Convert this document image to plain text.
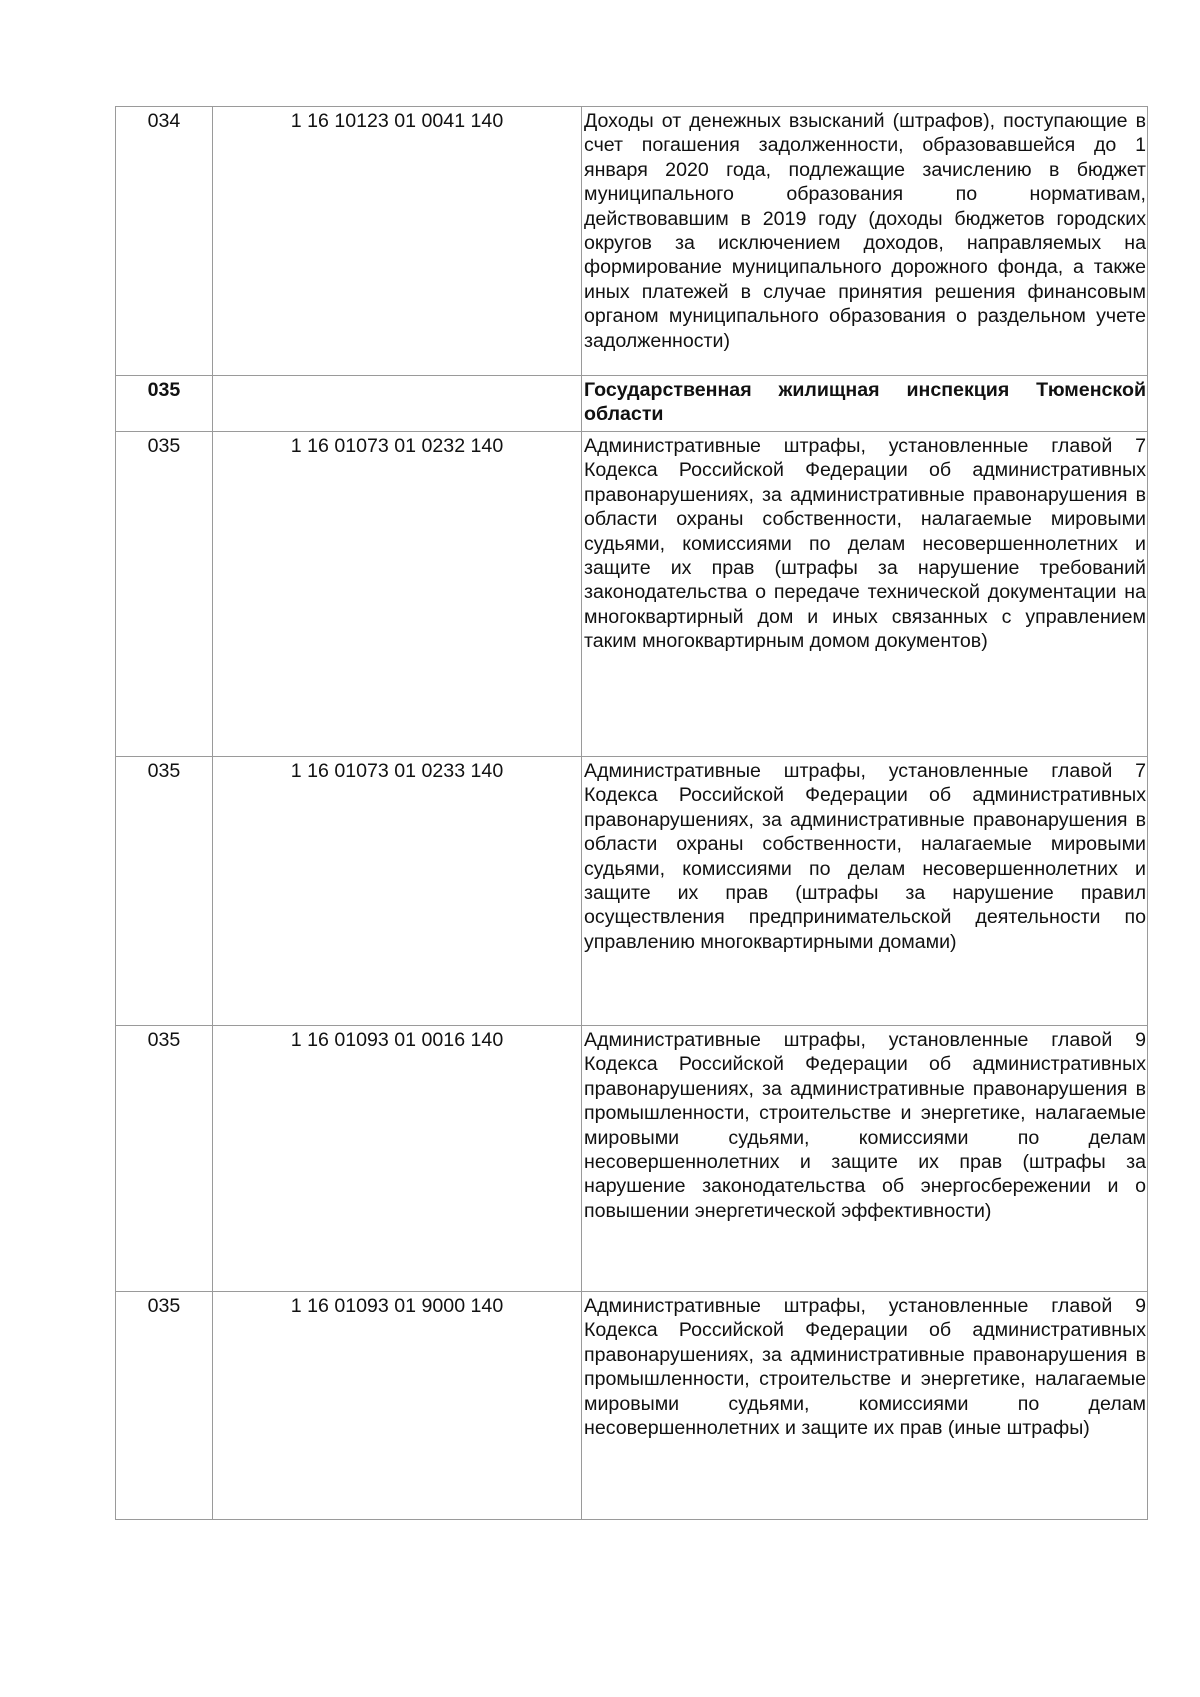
034	1 16 10123 01 0041 140	Доходы от денежных взысканий (штрафов), поступающие в счет погашения задолженности, образовавшейся до 1 января 2020 года, подлежащие зачислению в бюджет муниципального образования по нормативам, действовавшим в 2019 году (доходы бюджетов городских округов за исключением доходов, направляемых на формирование муниципального дорожного фонда, а также иных платежей в случае принятия решения финансовым органом муниципального образования о раздельном учете задолженности)

035		Государственная жилищная инспекция Тюменской области

035	1 16 01073 01 0232 140	Административные штрафы, установленные главой 7 Кодекса Российской Федерации об административных правонарушениях, за административные правонарушения в области охраны собственности, налагаемые мировыми судьями, комиссиями по делам несовершеннолетних и защите их прав (штрафы за нарушение требований законодательства о передаче технической документации на многоквартирный дом и иных связанных с управлением таким многоквартирным домом документов)

035	1 16 01073 01 0233 140	Административные штрафы, установленные главой 7 Кодекса Российской Федерации об административных правонарушениях, за административные правонарушения в области охраны собственности, налагаемые мировыми судьями, комиссиями по делам несовершеннолетних и защите их прав (штрафы за нарушение правил осуществления предпринимательской деятельности по управлению многоквартирными домами)

035	1 16 01093 01 0016 140	Административные штрафы, установленные главой 9 Кодекса Российской Федерации об административных правонарушениях, за административные правонарушения в промышленности, строительстве и энергетике, налагаемые мировыми судьями, комиссиями по делам несовершеннолетних и защите их прав (штрафы за нарушение законодательства об энергосбережении и о повышении энергетической эффективности)

035	1 16 01093 01 9000 140	Административные штрафы, установленные главой 9 Кодекса Российской Федерации об административных правонарушениях, за административные правонарушения в промышленности, строительстве и энергетике, налагаемые мировыми судьями, комиссиями по делам несовершеннолетних и защите их прав (иные штрафы)
